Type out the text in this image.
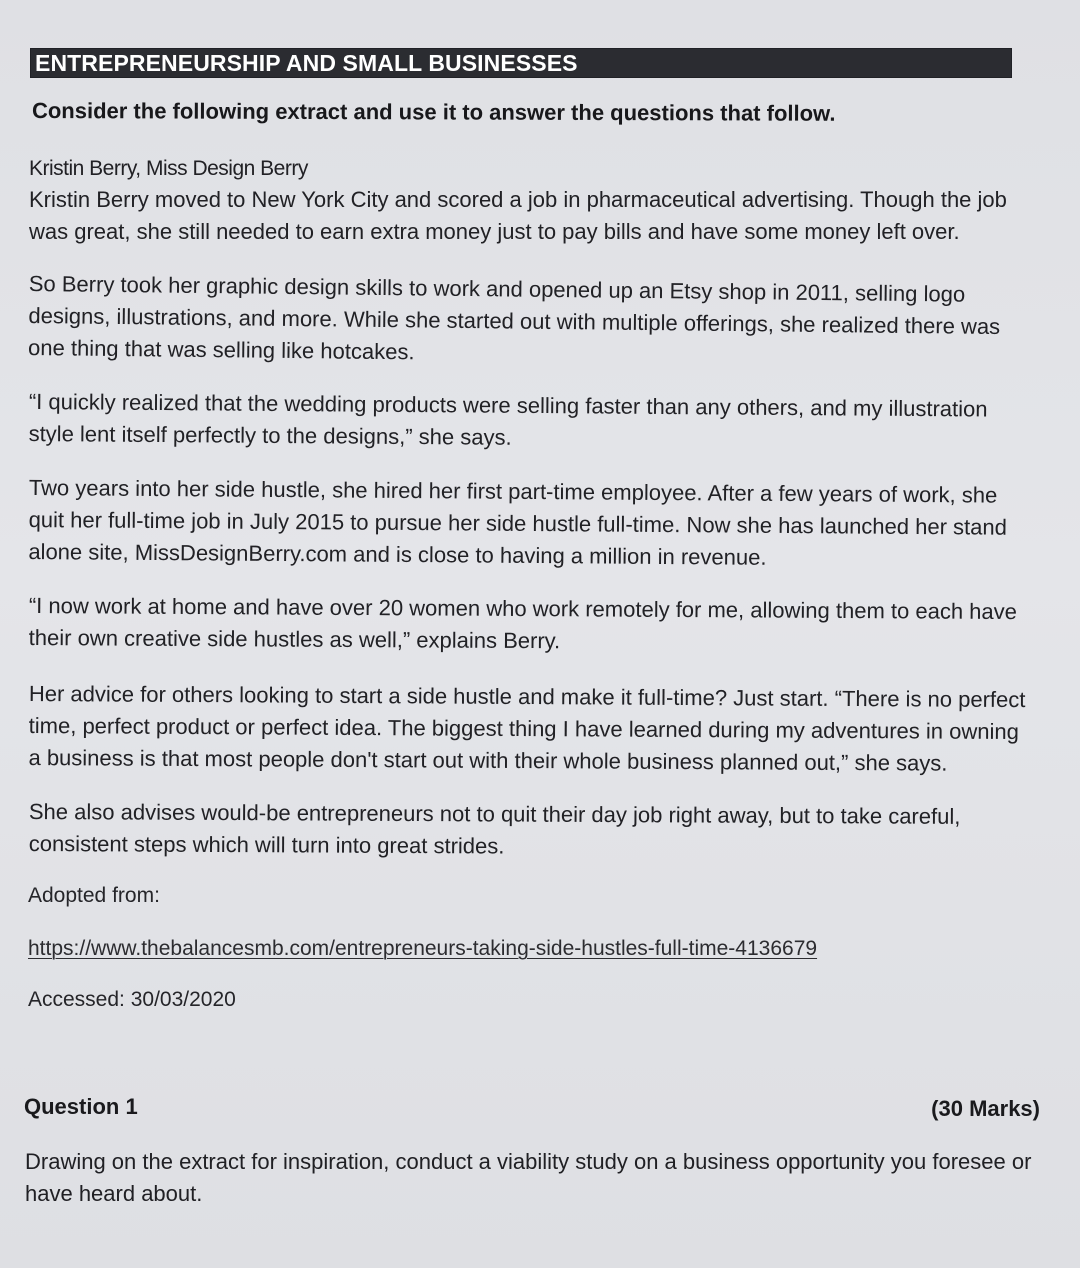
ENTREPRENEURSHIP AND SMALL BUSINESSES
Consider the following extract and use it to answer the questions that follow.
Kristin Berry, Miss Design Berry
Kristin Berry moved to New York City and scored a job in pharmaceutical advertising. Though the job
was great, she still needed to earn extra money just to pay bills and have some money left over.
So Berry took her graphic design skills to work and opened up an Etsy shop in 2011, selling logo
designs, illustrations, and more. While she started out with multiple offerings, she realized there was
one thing that was selling like hotcakes.
“I quickly realized that the wedding products were selling faster than any others, and my illustration
style lent itself perfectly to the designs,” she says.
Two years into her side hustle, she hired her first part-time employee. After a few years of work, she
quit her full-time job in July 2015 to pursue her side hustle full-time. Now she has launched her stand
alone site, MissDesignBerry.com and is close to having a million in revenue.
“I now work at home and have over 20 women who work remotely for me, allowing them to each have
their own creative side hustles as well,” explains Berry.
Her advice for others looking to start a side hustle and make it full-time? Just start. “There is no perfect
time, perfect product or perfect idea. The biggest thing I have learned during my adventures in owning
a business is that most people don't start out with their whole business planned out,” she says.
She also advises would-be entrepreneurs not to quit their day job right away, but to take careful,
consistent steps which will turn into great strides.
Adopted from:
https://www.thebalancesmb.com/entrepreneurs-taking-side-hustles-full-time-4136679
Accessed: 30/03/2020
Question 1	(30 Marks)
Drawing on the extract for inspiration, conduct a viability study on a business opportunity you foresee or
have heard about.
